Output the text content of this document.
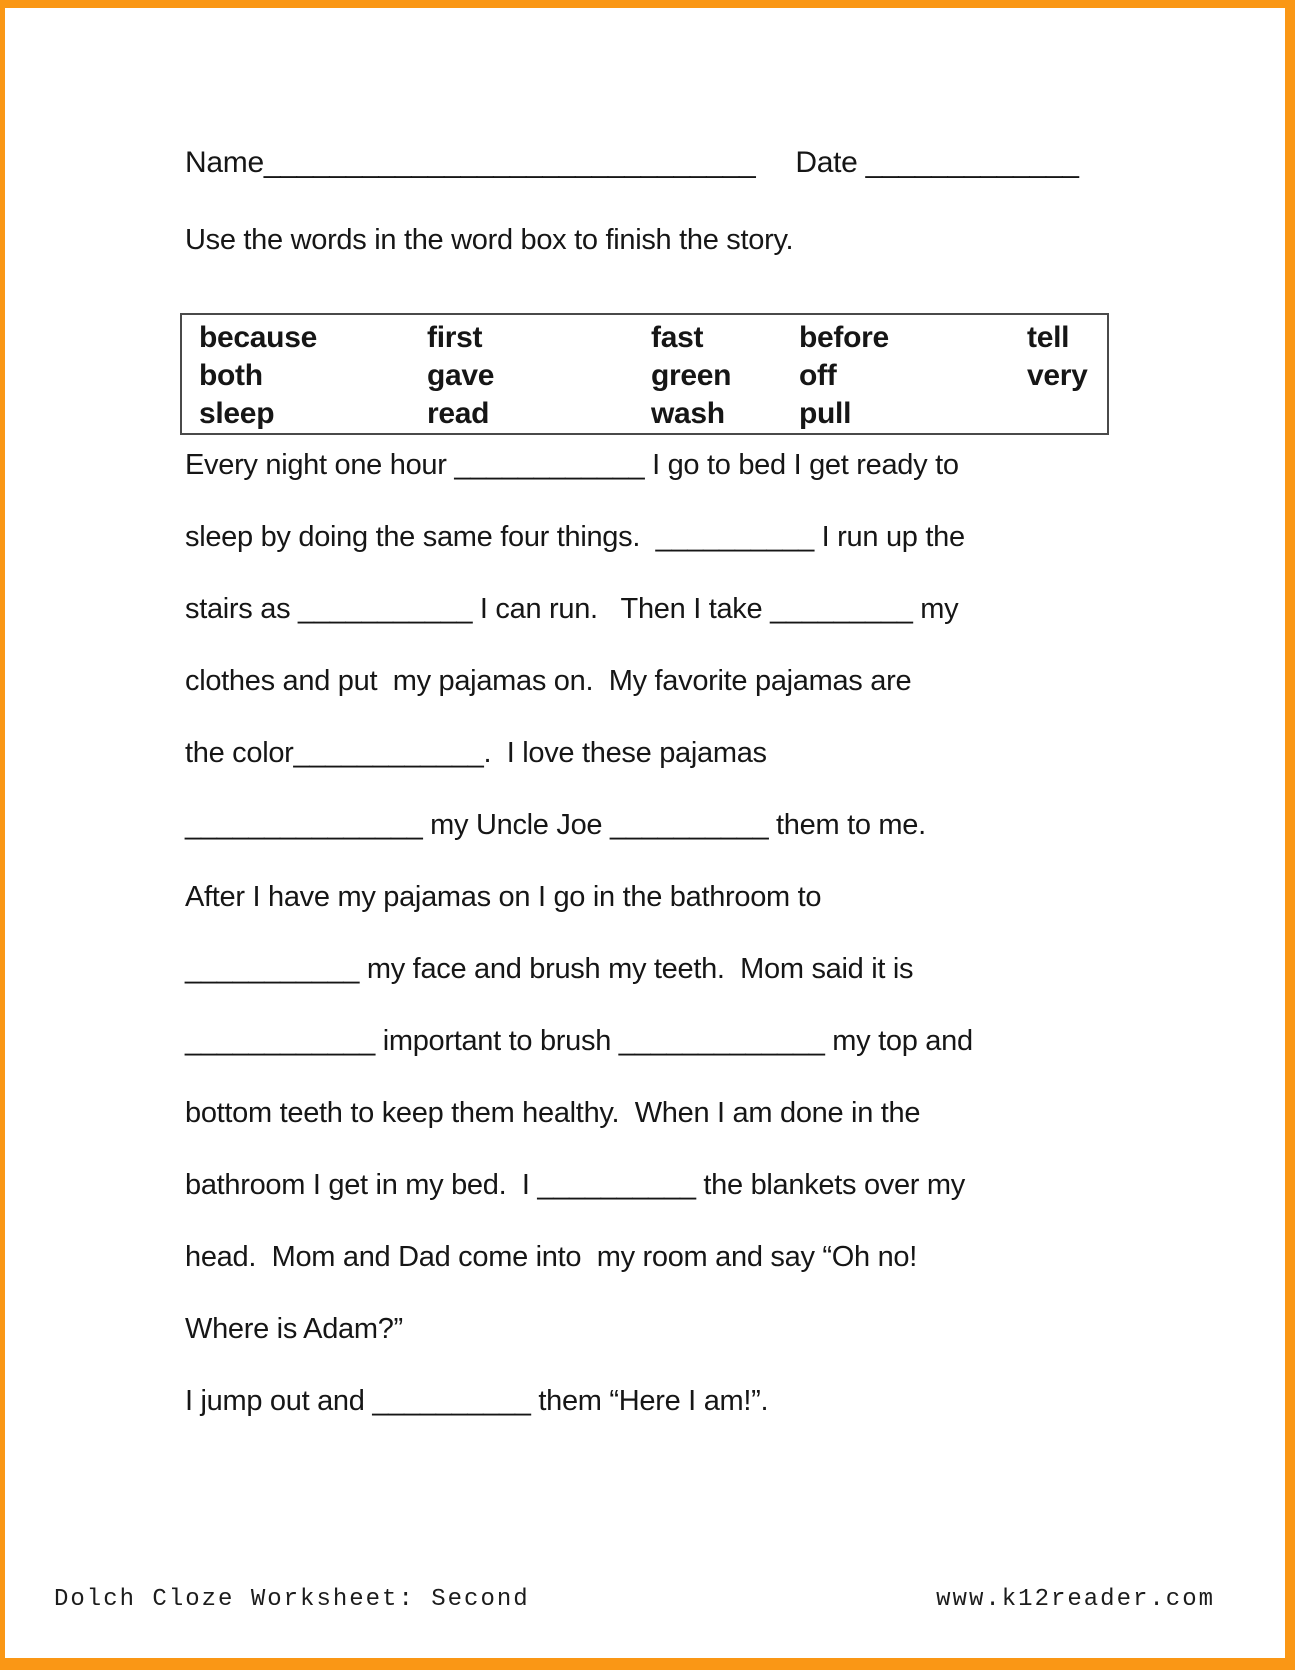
Name______________________________ Date _____________
Use the words in the word box to finish the story.
because	first	fast	before	tell
both	gave	green	off	very
sleep	read	wash	pull
Every night one hour ____________ I go to bed I get ready to
sleep by doing the same four things.  __________ I run up the
stairs as ___________ I can run.   Then I take _________ my
clothes and put  my pajamas on.  My favorite pajamas are
the color____________.  I love these pajamas
_______________ my Uncle Joe __________ them to me.
After I have my pajamas on I go in the bathroom to
___________ my face and brush my teeth.  Mom said it is
____________ important to brush _____________ my top and
bottom teeth to keep them healthy.  When I am done in the
bathroom I get in my bed.  I __________ the blankets over my
head.  Mom and Dad come into  my room and say “Oh no!
Where is Adam?”
I jump out and __________ them “Here I am!”.
Dolch Cloze Worksheet: Second	www.k12reader.com
